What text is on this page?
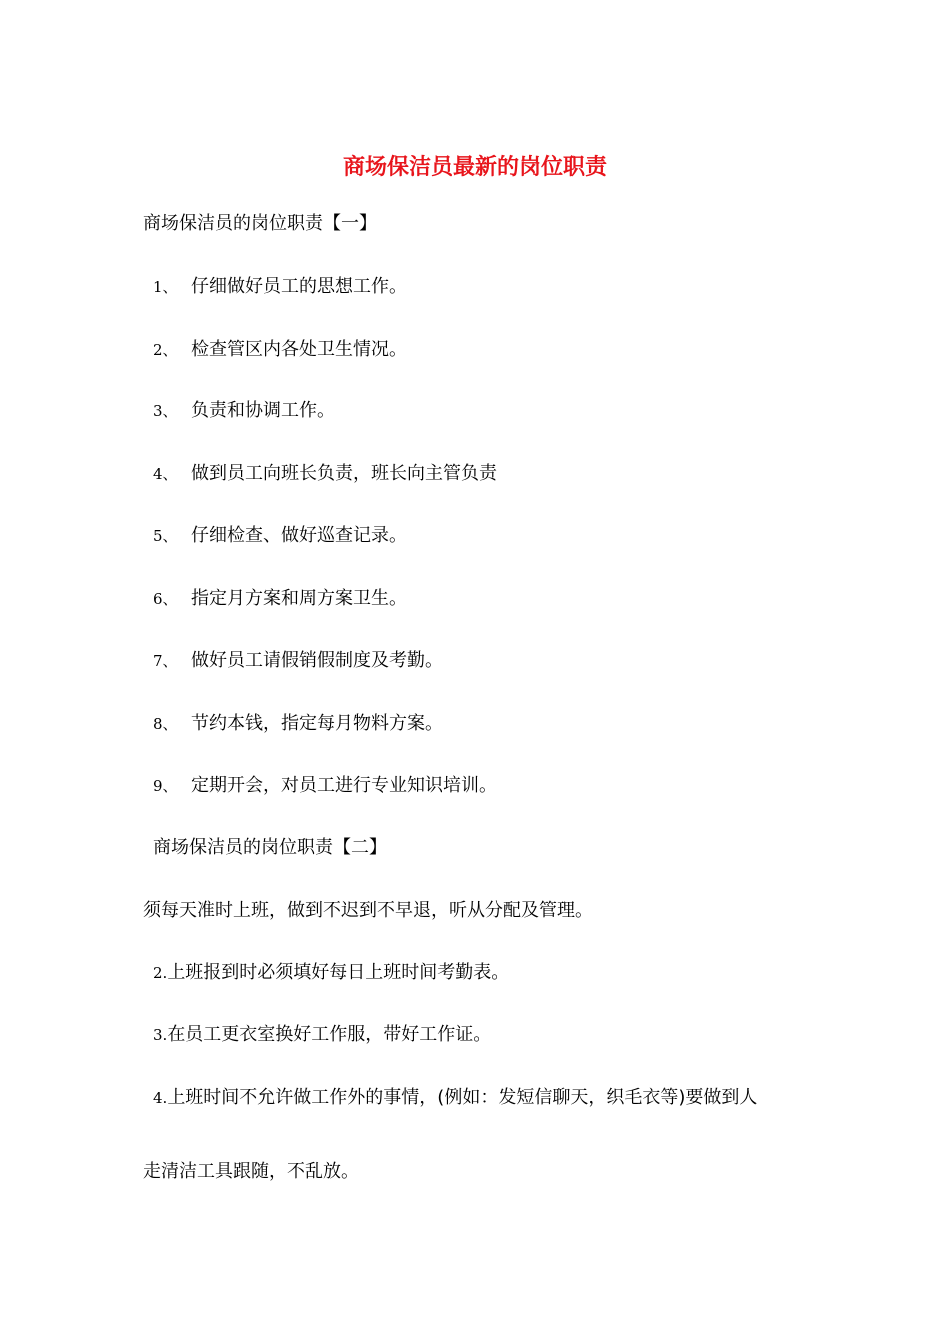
商场保洁员最新的岗位职责
商场保洁员的岗位职责【一】
1、 仔细做好员工的思想工作。
2、 检查管区内各处卫生情况。
3、 负责和协调工作。
4、 做到员工向班长负责，班长向主管负责
5、 仔细检查、做好巡查记录。
6、 指定月方案和周方案卫生。
7、 做好员工请假销假制度及考勤。
8、 节约本钱，指定每月物料方案。
9、 定期开会，对员工进行专业知识培训。
商场保洁员的岗位职责【二】
须每天准时上班，做到不迟到不早退，听从分配及管理。
2.上班报到时必须填好每日上班时间考勤表。
3.在员工更衣室换好工作服，带好工作证。
4.上班时间不允许做工作外的事情，(例如：发短信聊天，织毛衣等)要做到人
走清洁工具跟随，不乱放。
